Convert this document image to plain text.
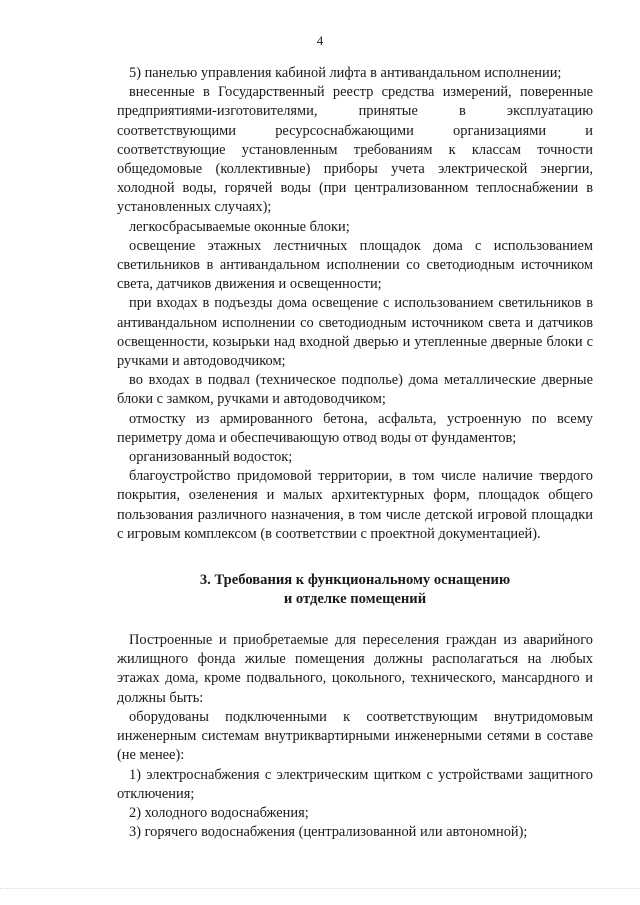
4

5) панелью управления кабиной лифта в антивандальном исполнении;

внесенные в Государственный реестр средства измерений, поверенные предприятиями-изготовителями, принятые в эксплуатацию соответствующими ресурсоснабжающими организациями и соответствующие установленным требованиям к классам точности общедомовые (коллективные) приборы учета электрической энергии, холодной воды, горячей воды (при централизованном теплоснабжении в установленных случаях);

легкосбрасываемые оконные блоки;

освещение этажных лестничных площадок дома с использованием светильников в антивандальном исполнении со светодиодным источником света, датчиков движения и освещенности;

при входах в подъезды дома освещение с использованием светильников в антивандальном исполнении со светодиодным источником света и датчиков освещенности, козырьки над входной дверью и утепленные дверные блоки с ручками и автодоводчиком;

во входах в подвал (техническое подполье) дома металлические дверные блоки с замком, ручками и автодоводчиком;

отмостку из армированного бетона, асфальта, устроенную по всему периметру дома и обеспечивающую отвод воды от фундаментов;

организованный водосток;

благоустройство придомовой территории, в том числе наличие твердого покрытия, озеленения и малых архитектурных форм, площадок общего пользования различного назначения, в том числе детской игровой площадки с игровым комплексом (в соответствии с проектной документацией).

3. Требования к функциональному оснащению

и отделке помещений

Построенные и приобретаемые для переселения граждан из аварийного жилищного фонда жилые помещения должны располагаться на любых этажах дома, кроме подвального, цокольного, технического, мансардного и должны быть:

оборудованы подключенными к соответствующим внутридомовым инженерным системам внутриквартирными инженерными сетями в составе (не менее):

1) электроснабжения с электрическим щитком с устройствами защитного отключения;

2) холодного водоснабжения;

3) горячего водоснабжения (централизованной или автономной);
